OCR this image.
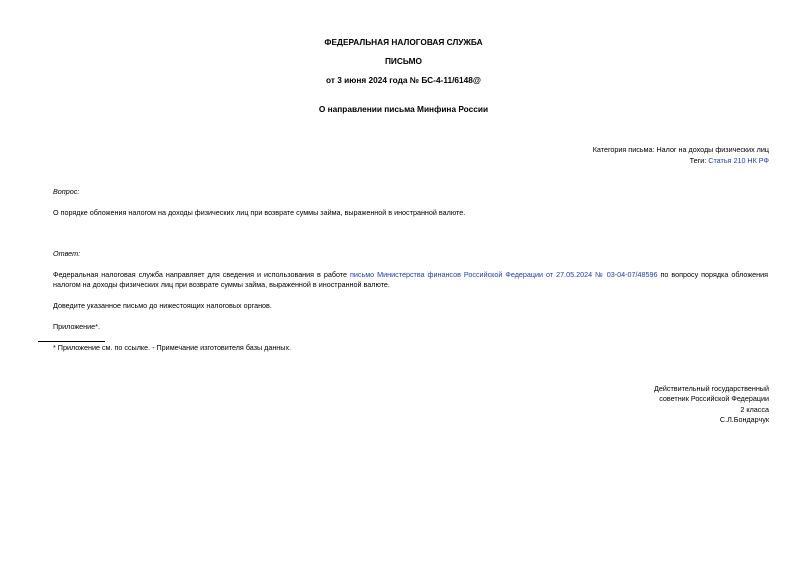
ФЕДЕРАЛЬНАЯ НАЛОГОВАЯ СЛУЖБА
ПИСЬМО
от 3 июня 2024 года № БС-4-11/6148@
О направлении письма Минфина России
Категория письма: Налог на доходы физических лиц
Теги: Статья 210 НК РФ
Вопрос:
О порядке обложения налогом на доходы физических лиц при возврате суммы займа, выраженной в иностранной валюте.
Ответ:
Федеральная налоговая служба направляет для сведения и использования в работе письмо Министерства финансов Российской Федерации от 27.05.2024 № 03-04-07/48596 по вопросу порядка обложения налогом на доходы физических лиц при возврате суммы займа, выраженной в иностранной валюте.
Доведите указанное письмо до нижестоящих налоговых органов.
Приложение*.
* Приложение см. по ссылке. - Примечание изготовителя базы данных.
Действительный государственный
советник Российской Федерации
2 класса
С.Л.Бондарчук
